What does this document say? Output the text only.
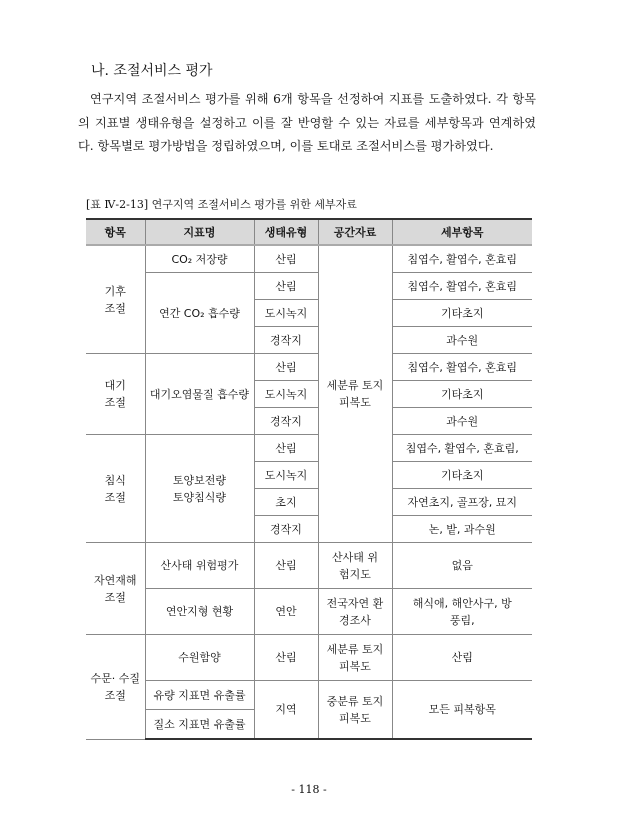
나. 조절서비스 평가

연구지역 조절서비스 평가를 위해 6개 항목을 선정하여 지표를 도출하였다. 각 항목의 지표별 생태유형을 설정하고 이를 잘 반영할 수 있는 자료를 세부항목과 연계하였다. 항목별로 평가방법을 정립하였으며, 이를 토대로 조절서비스를 평가하였다.

[표 Ⅳ-2-13] 연구지역 조절서비스 평가를 위한 세부자료
항목	지표명	생태유형	공간자료	세부항목
기후 조절	CO₂ 저장량	산림	세분류 토지피복도	침엽수, 활엽수, 혼효림
	연간 CO₂ 흡수량	산림		침엽수, 활엽수, 혼효림
		도시녹지		기타초지
		경작지		과수원
대기 조절	대기오염물질 흡수량	산림		침엽수, 활엽수, 혼효림
		도시녹지		기타초지
		경작지		과수원
침식 조절	토양보전량 토양침식량	산림		침엽수, 활엽수, 혼효림,
		도시녹지		기타초지
		초지		자연초지, 골프장, 묘지
		경작지		논, 밭, 과수원
자연재해 조절	산사태 위험평가	산림	산사태 위험지도	없음
	연안지형 현황	연안	전국자연 환경조사	해식애, 해안사구, 방풍림,
수문· 수질조절	수원함양	산림	세분류 토지피복도	산림
	유량 지표면 유출률	지역	중분류 토지피복도	모든 피복항목
	질소 지표면 유출률			
- 118 -
